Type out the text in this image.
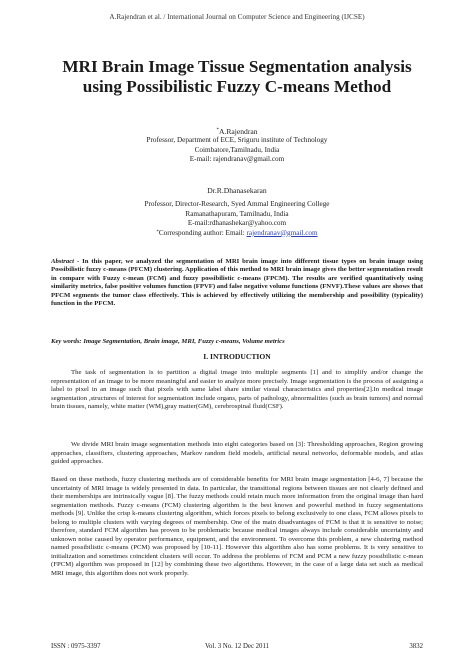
A.Rajendran et al. / International Journal on Computer Science and Engineering (IJCSE)
MRI Brain Image Tissue Segmentation analysis using Possibilistic Fuzzy C-means Method
*A.Rajendran
Professor, Department of ECE, Sriguru institute of Technology
Coimbatore,Tamilnadu, India
E-mail: rajendranav@gmail.com
Dr.R.Dhanasekaran
Professor, Director-Research, Syed Ammal Engineering College
Ramanathapuram, Tamilnadu, India
E-mail:rdhanashekar@yahoo.com
*Corresponding author: Email: rajendranav@gmail.com

Abstract - In this paper, we analyzed the segmentation of MRI brain image into different tissue types on brain image using Possibilistic fuzzy c-means (PFCM) clustering. Application of this method to MRI brain image gives the better segmentation result in compare with Fuzzy c-mean (FCM) and fuzzy possibilistic c-means (FPCM). The results are verified quantitatively using similarity metrics, false positive volumes function (FPVF) and false negative volume functions (FNVF).These values are shows that PFCM segments the tumor class effectively. This is achieved by effectively utilizing the membership and possibility (typicality) function in the PFCM.

Key words: Image Segmentation, Brain image, MRI, Fuzzy c-means, Volume metrics

I. INTRODUCTION

The task of segmentation is to partition a digital image into multiple segments [1] and to simplify and/or change the representation of an image to be more meaningful and easier to analyze more precisely. Image segmentation is the process of assigning a label to pixel in an image such that pixels with same label share similar visual characteristics and properties[2].In medical image segmentation ,structures of interest for segmentation include organs, parts of pathology, abnormalities (such as brain tumors) and normal brain tissues, namely, white matter (WM),gray matter(GM), cerebrospinal fluid(CSF).

We divide MRI brain image segmentation methods into eight categories based on [3]: Thresholding approaches, Region growing approaches, classifiers, clustering approaches, Markov random field models, artificial neural networks, deformable models, and atlas guided approaches.

Based on these methods, fuzzy clustering methods are of considerable benefits for MRI brain image segmentation [4-6, 7] because the uncertainty of MRI image is widely presented in data. In particular, the transitional regions between tissues are not clearly defined and their memberships are intrinsically vague [8]. The fuzzy methods could retain much more information from the original image than hard segmentation methods. Fuzzy c-means (FCM) clustering algorithm is the best known and powerful method in fuzzy segmentations methods [9]. Unlike the crisp k-means clustering algorithm, which forces pixels to belong exclusively to one class, FCM allows pixels to belong to multiple clusters with varying degrees of membership. One of the main disadvantages of FCM is that it is sensitive to noise; therefore, standard FCM algorithm has proven to be problematic because medical images always include considerable uncertainty and unknown noise caused by operator performance, equipment, and the environment. To overcome this problem, a new clustering method named possibilistic c-means (PCM) was proposed by [10-11]. However this algorithm also has some problems. It is very sensitive to initialization and sometimes coincident clusters will occur. To address the problems of FCM and PCM a new fuzzy possibilistic c-mean (FPCM) algorithm was proposed in [12] by combining these two algorithms. However, in the case of a large data set such as medical MRI image, this algorithm does not work properly.

ISSN : 0975-3397	Vol. 3 No. 12 Dec 2011	3832
